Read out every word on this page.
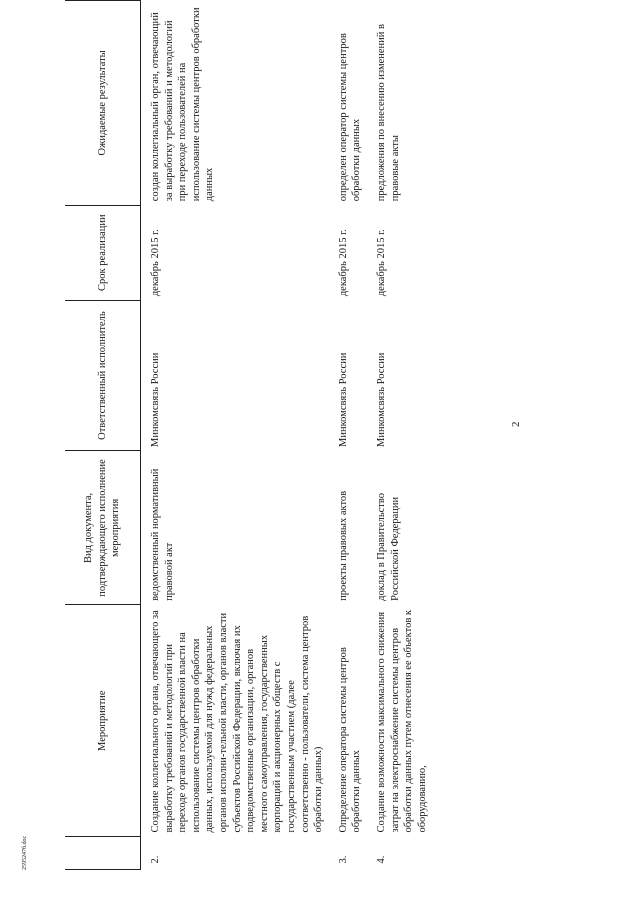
	Мероприятие	Вид документа, подтверждающего исполнение мероприятия	Ответственный исполнитель	Срок реализации	Ожидаемые результаты
2.	Создание коллегиального органа, отвечающего за выработку требований и методологий при переходе органов государственной власти на использование системы центров обработки данных, используемой для нужд федеральных органов исполни-тельной власти, органов власти субъектов Российской Федерации, включая их подведомственные организации, органов местного самоуправления, государственных корпораций и акционерных обществ с государственным участием (далее соответственно - пользователи, система центров обработки данных)	ведомственный нормативный правовой акт	Минкомсвязь России	декабрь 2015 г.	создан коллегиальный орган, отвечающий за выработку требований и методологий при переходе пользователей на использование системы центров обработки данных
3.	Определение оператора системы центров обработки данных	проекты правовых актов	Минкомсвязь России	декабрь 2015 г.	определен оператор системы центров обработки данных
4.	Создание возможности максимального снижения затрат на электроснабжение системы центров обработки данных путем отнесения ее объектов к оборудованию,	доклад в Правительство Российской Федерации	Минкомсвязь России	декабрь 2015 г.	предложения по внесению изменений в правовые акты
2
2595247б.doc
